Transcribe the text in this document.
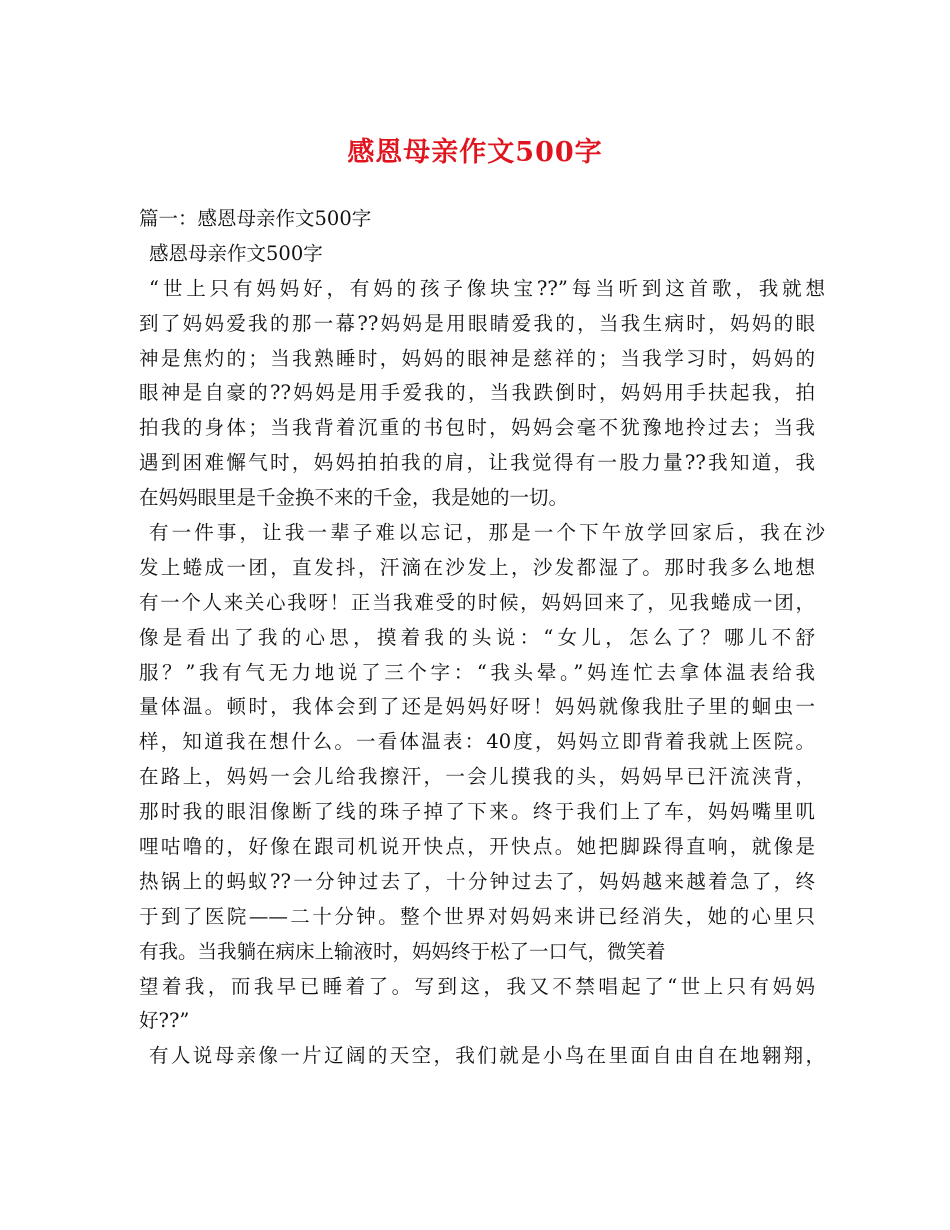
感恩母亲作文500字
篇一：感恩母亲作文500字
感恩母亲作文500字
“世上只有妈妈好，有妈的孩子像块宝??”每当听到这首歌，我就想
到了妈妈爱我的那一幕??妈妈是用眼睛爱我的，当我生病时，妈妈的眼
神是焦灼的；当我熟睡时，妈妈的眼神是慈祥的；当我学习时，妈妈的
眼神是自豪的??妈妈是用手爱我的，当我跌倒时，妈妈用手扶起我，拍
拍我的身体；当我背着沉重的书包时，妈妈会毫不犹豫地拎过去；当我
遇到困难懈气时，妈妈拍拍我的肩，让我觉得有一股力量??我知道，我
在妈妈眼里是千金换不来的千金，我是她的一切。
有一件事，让我一辈子难以忘记，那是一个下午放学回家后，我在沙
发上蜷成一团，直发抖，汗滴在沙发上，沙发都湿了。那时我多么地想
有一个人来关心我呀！正当我难受的时候，妈妈回来了，见我蜷成一团，
像是看出了我的心思，摸着我的头说：“女儿，怎么了？哪儿不舒
服？”我有气无力地说了三个字：“我头晕。”妈连忙去拿体温表给我
量体温。顿时，我体会到了还是妈妈好呀！妈妈就像我肚子里的蛔虫一
样，知道我在想什么。一看体温表：40度，妈妈立即背着我就上医院。
在路上，妈妈一会儿给我擦汗，一会儿摸我的头，妈妈早已汗流浃背，
那时我的眼泪像断了线的珠子掉了下来。终于我们上了车，妈妈嘴里叽
哩咕噜的，好像在跟司机说开快点，开快点。她把脚跺得直响，就像是
热锅上的蚂蚁??一分钟过去了，十分钟过去了，妈妈越来越着急了，终
于到了医院——二十分钟。整个世界对妈妈来讲已经消失，她的心里只
有我。当我躺在病床上输液时，妈妈终于松了一口气，微笑着
望着我，而我早已睡着了。写到这，我又不禁唱起了“世上只有妈妈
好??”
有人说母亲像一片辽阔的天空，我们就是小鸟在里面自由自在地翱翔，
